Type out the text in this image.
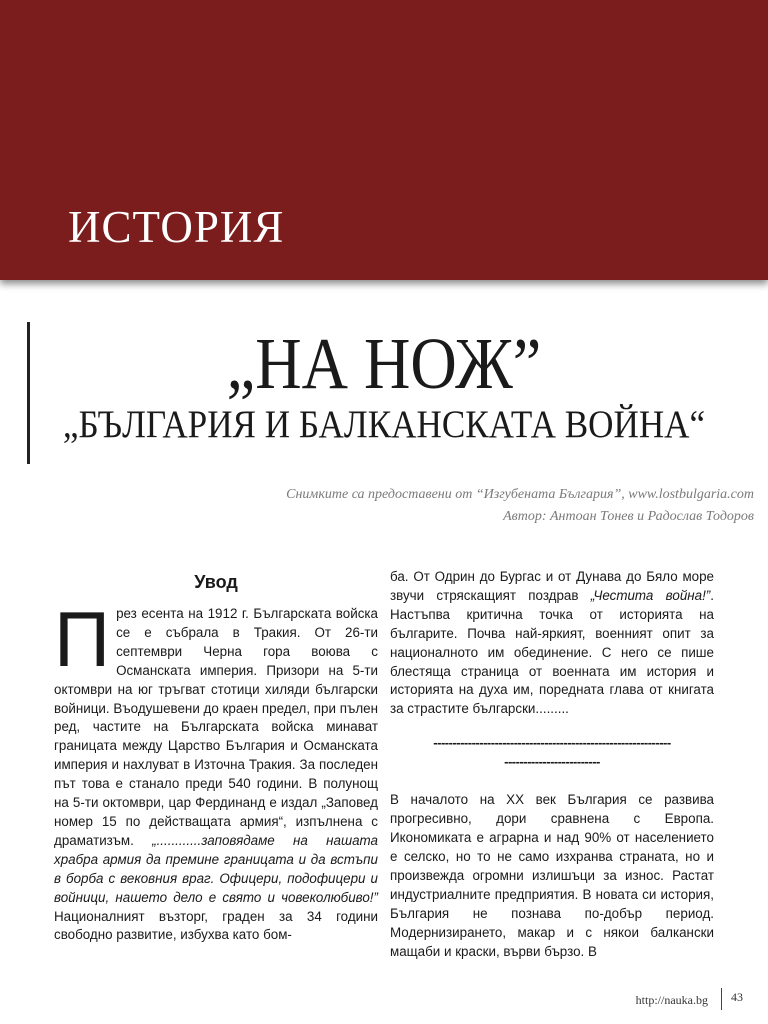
ИСТОРИЯ
„НА НОЖ”
„БЪЛГАРИЯ И БАЛКАНСКАТА ВОЙНА“

Снимките са предоставени от “Изгубената България”, www.lostbulgaria.com

Автор: Антоан Тонев и Радослав Тодоров

Увод

През есента на 1912 г. Българската войска се е събрала в Тракия. От 26-ти септември Черна гора воюва с Османската империя. Призори на 5-ти октомври на юг тръгват стотици хиляди български войници. Въодушевени до краен предел, при пълен ред, частите на Българската войска минават границата между Царство България и Османската империя и нахлуват в Източна Тракия. За последен път това е станало преди 540 години. В полунощ на 5-ти октомври, цар Фердинанд е издал „Заповед номер 15 по действащата армия“, изпълнена с драматизъм. „............заповядаме на нашата храбра армия да премине границата и да встъпи в борба с вековния враг. Офицери, подофицери и войници, нашето дело е свято и човеколюбиво!” Националният възторг, граден за 34 години свободно развитие, избухва като бом-

ба. От Одрин до Бургас и от Дунава до Бяло море звучи стряскащият поздрав „Честита война!”. Настъпва критична точка от историята на българите. Почва най-яркият, военният опит за националното им обединение. С него се пише блестяща страница от военната им история и историята на духа им, поредната глава от книгата за страстите български.........

--------------------------------------------------------------
-------------------------

В началото на XX век България се развива прогресивно, дори сравнена с Европа. Икономиката е аграрна и над 90% от населението е селско, но то не само изхранва страната, но и произвежда огромни излишъци за износ. Растат индустриалните предприятия. В новата си история, България не познава по-добър период. Модернизирането, макар и с някои балкански мащаби и краски, върви бързо. В

http://nauka.bg 43
